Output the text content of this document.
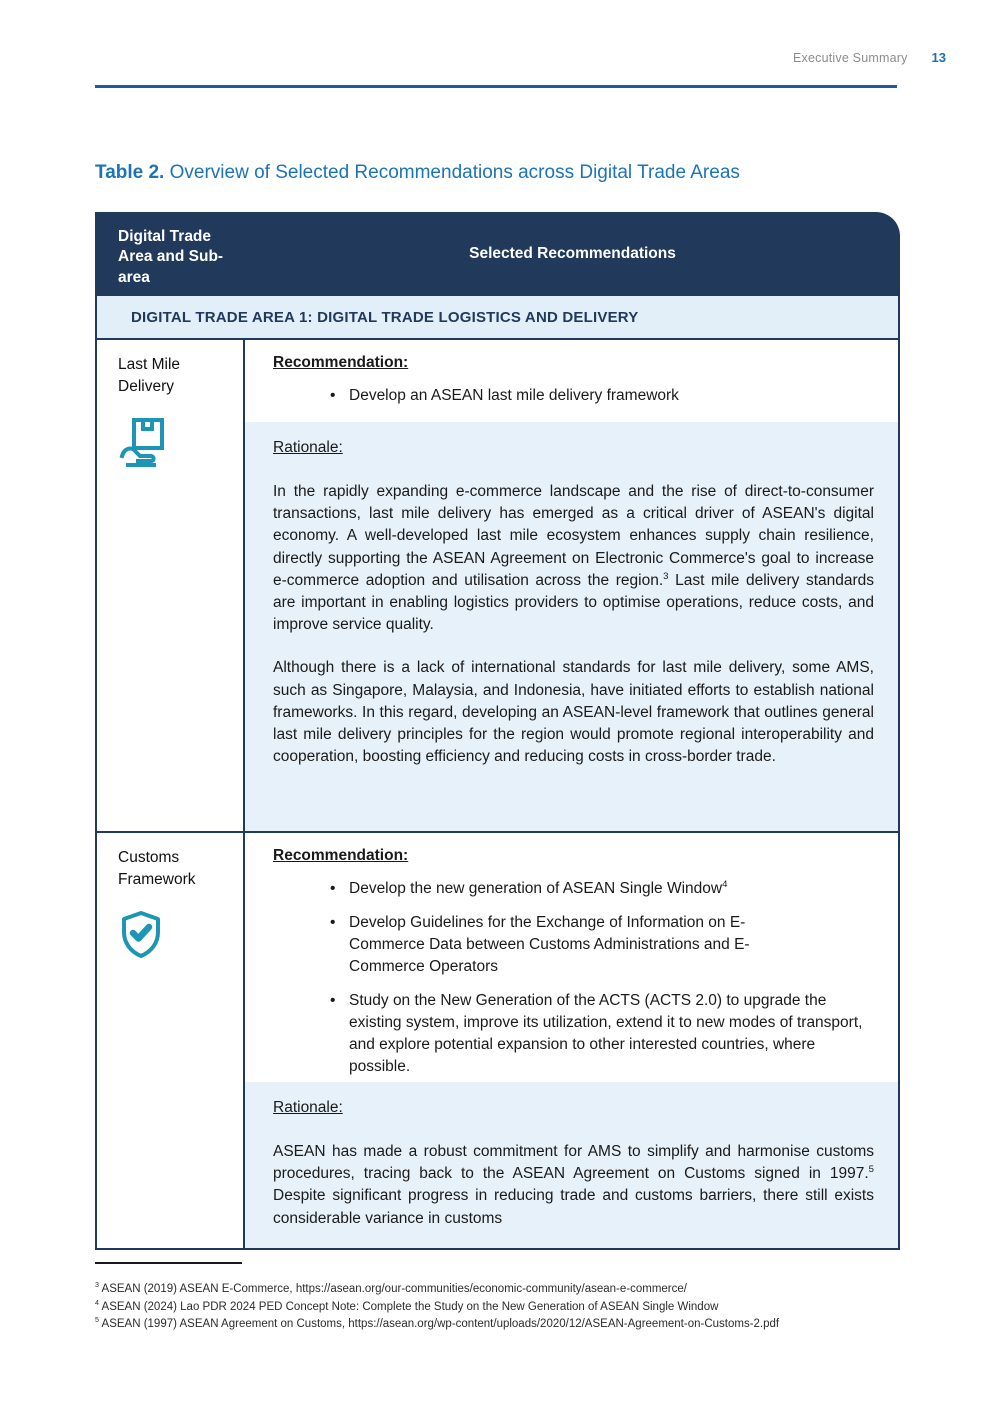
Executive Summary 13
Table 2. Overview of Selected Recommendations across Digital Trade Areas
Digital Trade Area and Sub-area
Selected Recommendations
DIGITAL TRADE AREA 1: DIGITAL TRADE LOGISTICS AND DELIVERY
Last Mile Delivery
Recommendation:
• Develop an ASEAN last mile delivery framework
Rationale:

In the rapidly expanding e-commerce landscape and the rise of direct-to-consumer transactions, last mile delivery has emerged as a critical driver of ASEAN's digital economy. A well-developed last mile ecosystem enhances supply chain resilience, directly supporting the ASEAN Agreement on Electronic Commerce's goal to increase e-commerce adoption and utilisation across the region.$^3$ Last mile delivery standards are important in enabling logistics providers to optimise operations, reduce costs, and improve service quality.

Although there is a lack of international standards for last mile delivery, some AMS, such as Singapore, Malaysia, and Indonesia, have initiated efforts to establish national frameworks. In this regard, developing an ASEAN-level framework that outlines general last mile delivery principles for the region would promote regional interoperability and cooperation, boosting efficiency and reducing costs in cross-border trade.

Customs Framework
Recommendation:
• Develop the new generation of ASEAN Single Window$^4$
• Develop Guidelines for the Exchange of Information on E-Commerce Data between Customs Administrations and E-Commerce Operators
• Study on the New Generation of the ACTS (ACTS 2.0) to upgrade the existing system, improve its utilization, extend it to new modes of transport, and explore potential expansion to other interested countries, where possible.
Rationale:

ASEAN has made a robust commitment for AMS to simplify and harmonise customs procedures, tracing back to the ASEAN Agreement on Customs signed in 1997.$^5$ Despite significant progress in reducing trade and customs barriers, there still exists considerable variance in customs

$^3$ ASEAN (2019) ASEAN E-Commerce, https://asean.org/our-communities/economic-community/asean-e-commerce/
$^4$ ASEAN (2024) Lao PDR 2024 PED Concept Note: Complete the Study on the New Generation of ASEAN Single Window
$^5$ ASEAN (1997) ASEAN Agreement on Customs, https://asean.org/wp-content/uploads/2020/12/ASEAN-Agreement-on-Customs-2.pdf
